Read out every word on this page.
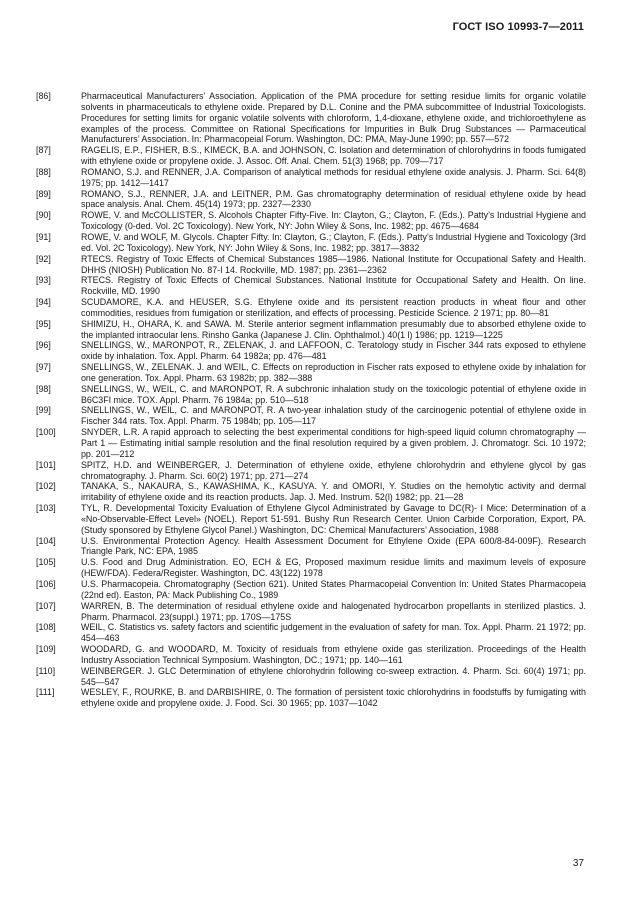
ГОСТ ISO 10993-7—2011
[86]	Pharmaceutical Manufacturers’ Association. Application of the PMA procedure for setting residue limits for organic volatile solvents in pharmaceuticals to ethylene oxide. Prepared by D.L. Conine and the PMA subcommittee of Industrial Toxicologists. Procedures for setting limits for organic volatile solvents with chloroform, 1,4-dioxane, ethylene oxide, and trichloroethylene as examples of the process. Committee on Rational Specifications for Impurities in Bulk Drug Substances — Parmaceutical Manufacturers’ Association. In: Pharmacopeial Forum. Washington, DC: PMA, May-June 1990; pp. 557—572
[87]	RAGELIS, E.P., FISHER, B.S., KIMECK, B.A. and JOHNSON, C. Isolation and determination of chlorohydrins in foods fumigated with ethylene oxide or propylene oxide. J. Assoc. Off. Anal. Chem. 51(3) 1968; pp. 709—717
[88]	ROMANO, S.J. and RENNER, J.A. Comparison of analytical methods for residual ethylene oxide analysis. J. Pharm. Sci. 64(8) 1975; pp. 1412—1417
[89]	ROMANO, S.J., RENNER, J.A. and LEITNER, P.M. Gas chromatography determination of residual ethylene oxide by head space analysis. Anal. Chem. 45(14) 1973; pp. 2327—2330
[90]	ROWE, V. and McCOLLISTER, S. Alcohols Chapter Fifty-Five. In: Clayton, G.; Clayton, F. (Eds.). Patty’s Industrial Hygiene and Toxicology (0-ded. Vol. 2C Toxicology). New York, NY: John Wiley & Sons, Inc. 1982; pp. 4675—4684
[91]	ROWE, V. and WOLF, M. Glycols. Chapter Fifty. In: Clayton, G.; Clayton, F. (Eds.). Patty’s Industrial Hygiene and Toxicology (3rd ed. Vol. 2C Toxicology). New York, NY: John Wiley & Sons, Inc. 1982; pp. 3817—3832
[92]	RTECS. Registry of Toxic Effects of Chemical Substances 1985—1986. National Institute for Occupational Safety and Health. DHHS (NIOSH) Publication No. 87-I 14. Rockville, MD. 1987; pp. 2361—2362
[93]	RTECS. Registry of Toxic Effects of Chemical Substances. National Institute for Occupational Safety and Health. On line. Rockville, MD. 1990
[94]	SCUDAMORE, K.A. and HEUSER, S.G. Ethylene oxide and its persistent reaction products in wheat flour and other commodities, residues from fumigation or sterilization, and effects of processing. Pesticide Science. 2 1971; pp. 80—81
[95]	SHIMIZU, H., OHARA, K. and SAWA. M. Sterile anterior segment inflammation presumably due to absorbed ethylene oxide to the implanted intraocular lens. Rinsho Ganka (Japanese J. Clin. Ophthalmol.) 40(1 l) 1986; pp. 1219—1225
[96]	SNELLINGS, W., MARONPOT, R., ZELENAK, J. and LAFFOON, C. Teratology study in Fischer 344 rats exposed to ethylene oxide by inhalation. Tox. Appl. Pharm. 64 1982a; pp. 476—481
[97]	SNELLINGS, W., ZELENAK. J. and WEIL, C. Effects on reproduction in Fischer rats exposed to ethylene oxide by inhalation for one generation. Tox. Appl. Pharm. 63 1982b; pp. 382—388
[98]	SNELLINGS, W., WEIL, C. and MARONPOT, R. A subchronic inhalation study on the toxicologic potential of ethylene oxide in B6C3FI mice. TOX. Appl. Pharm. 76 1984a; pp. 510—518
[99]	SNELLINGS, W., WEIL, C. and MARONPOT, R. A two-year inhalation study of the carcinogenic potential of ethylene oxide in Fischer 344 rats. Tox. Appl. Pharm. 75 1984b; pp. 105—117
[100]	SNYDER, L.R. A rapid approach to selecting the best experimental conditions for high-speed liquid column chromatography — Part 1 — Estimating initial sample resolution and the final resolution required by a given problem. J. Chromatogr. Sci. 10 1972; pp. 201—212
[101]	SPITZ, H.D. and WEINBERGER, J. Determination of ethylene oxide, ethylene chlorohydrin and ethylene glycol by gas chromatography. J. Pharm. Sci. 60(2) 1971; pp. 271—274
[102]	TANAKA, S., NAKAURA, S., KAWASHIMA, K., KASUYA. Y. and OMORI, Y. Studies on the hemolytic activity and dermal irritability of ethylene oxide and its reaction products. Jap. J. Med. Instrum. 52(l) 1982; pp. 21—28
[103]	TYL, R. Developmental Toxicity Evaluation of Ethylene Glycol Administrated by Gavage to DC(R)- I Mice: Determination of a «No-Observable-Effect Level» (NOEL). Report 51-591. Bushy Run Research Center. Union Carbide Corporation, Export, PA. (Study sponsored by Ethylene Glycol Panel.) Washington, DC: Chemical Manufacturers’ Association, 1988
[104]	U.S. Environmental Protection Agency. Health Assessment Document for Ethylene Oxide (EPA 600/8-84-009F). Research Triangle Park, NC: EPA, 1985
[105]	U.S. Food and Drug Administration. EO, ECH & EG, Proposed maximum residue limits and maximum levels of exposure (HEW/FDA). Federa/Register. Washington, DC. 43(122) 1978
[106]	U.S. Pharmacopeia. Chromatography (Section 621). United States Pharmacopeial Convention In: United States Pharmacopeia (22nd ed). Easton, PA: Mack Publishing Co., 1989
[107]	WARREN, B. The determination of residual ethylene oxide and halogenated hydrocarbon propellants in sterilized plastics. J. Pharm. Pharmacol. 23(suppl.) 1971; pp. 170S—175S
[108]	WEIL, C. Statistics vs. safety factors and scientific judgement in the evaluation of safety for man. Tox. Appl. Pharm. 21 1972; pp. 454—463
[109]	WOODARD, G. and WOODARD, M. Toxicity of residuals from ethylene oxide gas sterilization. Proceedings of the Health Industry Association Technical Symposium. Washington, DC.; 1971; pp. 140—161
[110]	WEINBERGER. J. GLC Determination of ethylene chlorohydrin following co-sweep extraction. 4. Pharm. Sci. 60(4) 1971; pp. 545—547
[111]	WESLEY, F., ROURKE, B. and DARBISHIRE, 0. The formation of persistent toxic chlorohydrins in foodstuffs by fumigating with ethylene oxide and propylene oxide. J. Food. Sci. 30 1965; pp. 1037—1042
37
